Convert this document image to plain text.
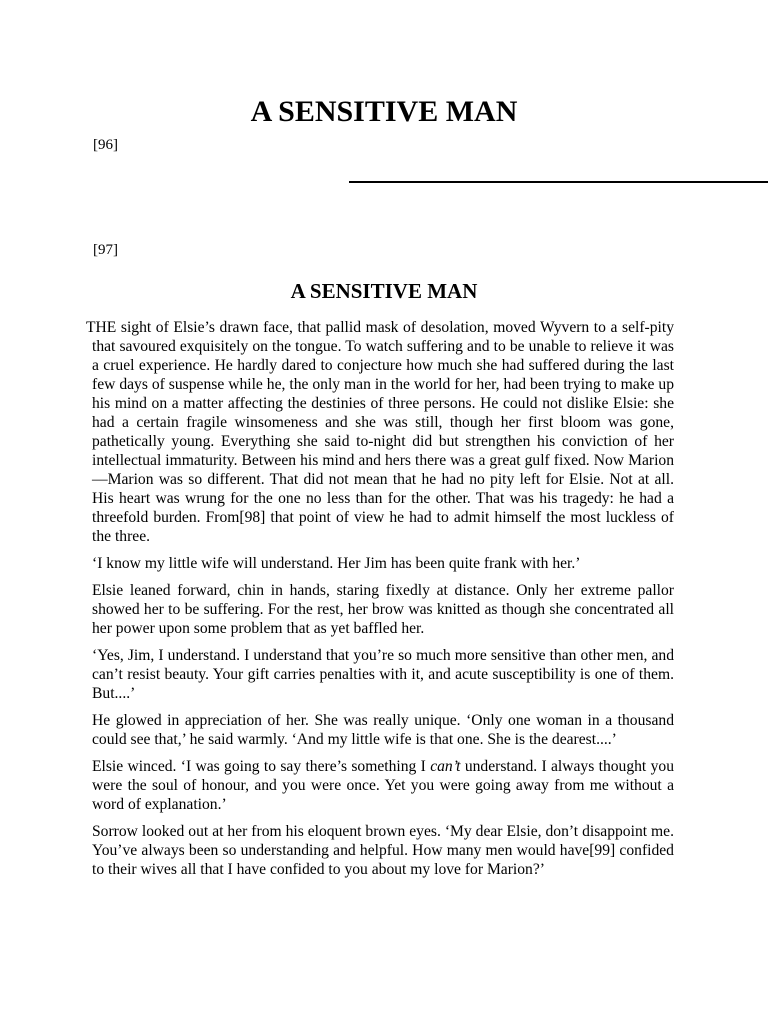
A SENSITIVE MAN
[96]
[97]
A SENSITIVE MAN

THE sight of Elsie’s drawn face, that pallid mask of desolation, moved Wyvern to a self-pity that savoured exquisitely on the tongue. To watch suffering and to be unable to relieve it was a cruel experience. He hardly dared to conjecture how much she had suffered during the last few days of suspense while he, the only man in the world for her, had been trying to make up his mind on a matter affecting the destinies of three persons. He could not dislike Elsie: she had a certain fragile winsomeness and she was still, though her first bloom was gone, pathetically young. Everything she said to-night did but strengthen his conviction of her intellectual immaturity. Between his mind and hers there was a great gulf fixed. Now Marion—Marion was so different. That did not mean that he had no pity left for Elsie. Not at all. His heart was wrung for the one no less than for the other. That was his tragedy: he had a threefold burden. From[98] that point of view he had to admit himself the most luckless of the three.

‘I know my little wife will understand. Her Jim has been quite frank with her.’

Elsie leaned forward, chin in hands, staring fixedly at distance. Only her extreme pallor showed her to be suffering. For the rest, her brow was knitted as though she concentrated all her power upon some problem that as yet baffled her.

‘Yes, Jim, I understand. I understand that you’re so much more sensitive than other men, and can’t resist beauty. Your gift carries penalties with it, and acute susceptibility is one of them. But....’

He glowed in appreciation of her. She was really unique. ‘Only one woman in a thousand could see that,’ he said warmly. ‘And my little wife is that one. She is the dearest....’

Elsie winced. ‘I was going to say there’s something I can’t understand. I always thought you were the soul of honour, and you were once. Yet you were going away from me without a word of explanation.’

Sorrow looked out at her from his eloquent brown eyes. ‘My dear Elsie, don’t disappoint me. You’ve always been so understanding and helpful. How many men would have[99] confided to their wives all that I have confided to you about my love for Marion?’
